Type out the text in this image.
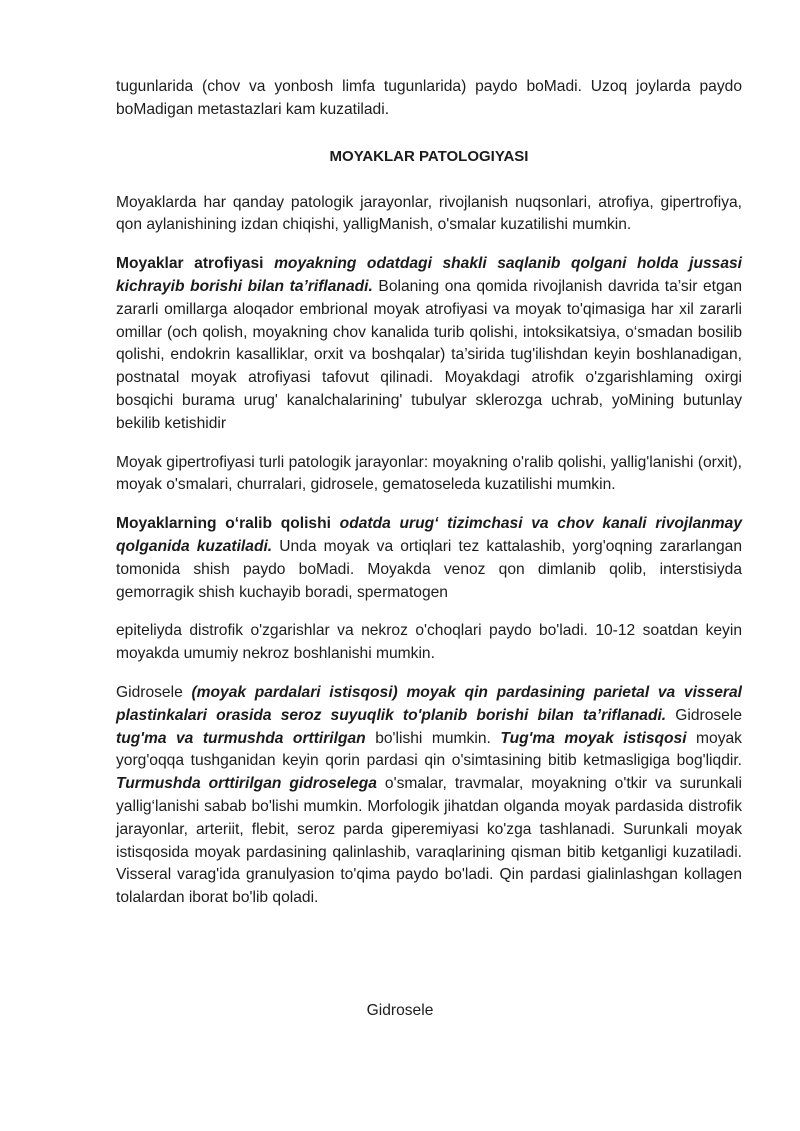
tugunlarida (chov va yonbosh limfa tugunlarida) paydo boMadi. Uzoq joylarda paydo boMadigan metastazlari kam kuzatiladi.

MOYAKLAR PATOLOGIYASI

Moyaklarda har qanday patologik jarayonlar, rivojlanish nuqsonlari, atrofiya, gipertrofiya, qon aylanishining izdan chiqishi, yalligManish, o'smalar kuzatilishi mumkin.

Moyaklar atrofiyasi moyakning odatdagi shakli saqlanib qolgani holda jussasi kichrayib borishi bilan ta’riflanadi. Bolaning ona qomida rivojlanish davrida ta’sir etgan zararli omillarga aloqador embrional moyak atrofiyasi va moyak to'qimasiga har xil zararli omillar (och qolish, moyakning chov kanalida turib qolishi, intoksikatsiya, o‘smadan bosilib qolishi, endokrin kasalliklar, orxit va boshqalar) ta’sirida tug'ilishdan keyin boshlanadigan, postnatal moyak atrofiyasi tafovut qilinadi. Moyakdagi atrofik o'zgarishlaming oxirgi bosqichi burama urug' kanalchalarining' tubulyar sklerozga uchrab, yoMining butunlay bekilib ketishidir

Moyak gipertrofiyasi turli patologik jarayonlar: moyakning o'ralib qolishi, yallig'lanishi (orxit), moyak o'smalari, churralari, gidrosele, gematoseleda kuzatilishi mumkin.

Moyaklarning o‘ralib qolishi odatda urug‘ tizimchasi va chov kanali rivojlanmay qolganida kuzatiladi. Unda moyak va ortiqlari tez kattalashib, yorg'oqning zararlangan tomonida shish paydo boMadi. Moyakda venoz qon dimlanib qolib, interstisiyda gemorragik shish kuchayib boradi, spermatogen

epiteliyda distrofik o'zgarishlar va nekroz o'choqlari paydo bo'ladi. 10-12 soatdan keyin moyakda umumiy nekroz boshlanishi mumkin.

Gidrosele (moyak pardalari istisqosi) moyak qin pardasining parietal va visseral plastinkalari orasida seroz suyuqlik to'planib borishi bilan ta’riflanadi. Gidrosele tug'ma va turmushda orttirilgan bo'lishi mumkin. Tug'ma moyak istisqosi moyak yorg'oqqa tushganidan keyin qorin pardasi qin o'simtasining bitib ketmasligiga bog'liqdir. Turmushda orttirilgan gidroselega o'smalar, travmalar, moyakning o'tkir va surunkali yallig‘lanishi sabab bo'lishi mumkin. Morfologik jihatdan olganda moyak pardasida distrofik jarayonlar, arteriit, flebit, seroz parda giperemiyasi ko'zga tashlanadi. Surunkali moyak istisqosida moyak pardasining qalinlashib, varaqlarining qisman bitib ketganligi kuzatiladi. Visseral varag'ida granulyasion to'qima paydo bo'ladi. Qin pardasi gialinlashgan kollagen tolalardan iborat bo'lib qoladi.

Gidrosele
